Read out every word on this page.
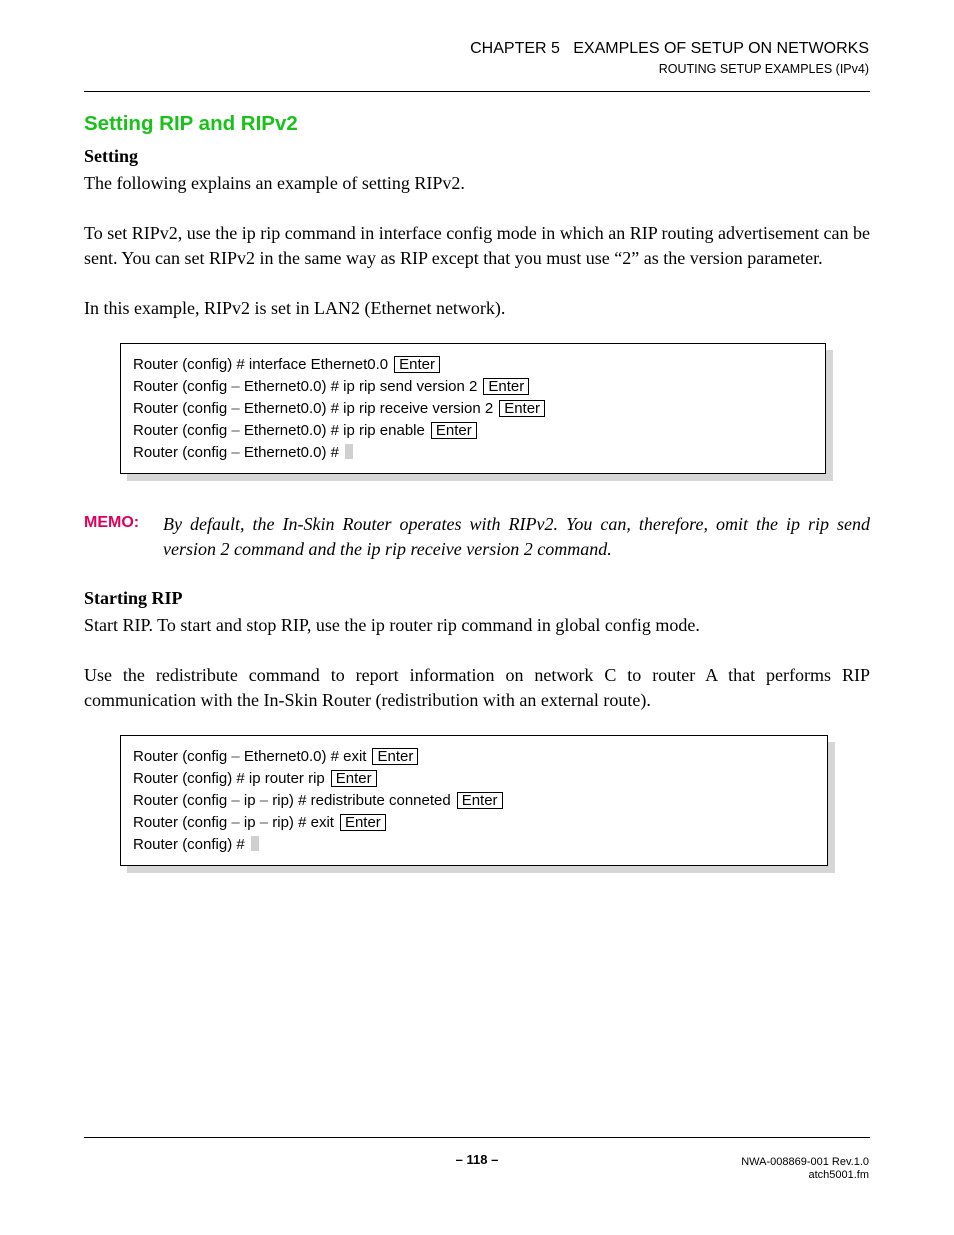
CHAPTER 5   EXAMPLES OF SETUP ON NETWORKS
ROUTING SETUP EXAMPLES (IPv4)
Setting RIP and RIPv2

Setting

The following explains an example of setting RIPv2.

To set RIPv2, use the ip rip command in interface config mode in which an RIP routing advertisement can be sent. You can set RIPv2 in the same way as RIP except that you must use “2” as the version parameter.

In this example, RIPv2 is set in LAN2 (Ethernet network).

Router (config) # interface Ethernet0.0 Enter
Router (config – Ethernet0.0) # ip rip send version 2 Enter
Router (config – Ethernet0.0) # ip rip receive version 2 Enter
Router (config – Ethernet0.0) # ip rip enable Enter
Router (config – Ethernet0.0) #
MEMO: By default, the In-Skin Router operates with RIPv2. You can, therefore, omit the ip rip send version 2 command and the ip rip receive version 2 command.

Starting RIP

Start RIP. To start and stop RIP, use the ip router rip command in global config mode.

Use the redistribute command to report information on network C to router A that performs RIP communication with the In-Skin Router (redistribution with an external route).

Router (config – Ethernet0.0) # exit Enter
Router (config) # ip router rip Enter
Router (config – ip – rip) # redistribute conneted Enter
Router (config – ip – rip) # exit Enter
Router (config) #
– 118 –	NWA-008869-001 Rev.1.0
atch5001.fm
